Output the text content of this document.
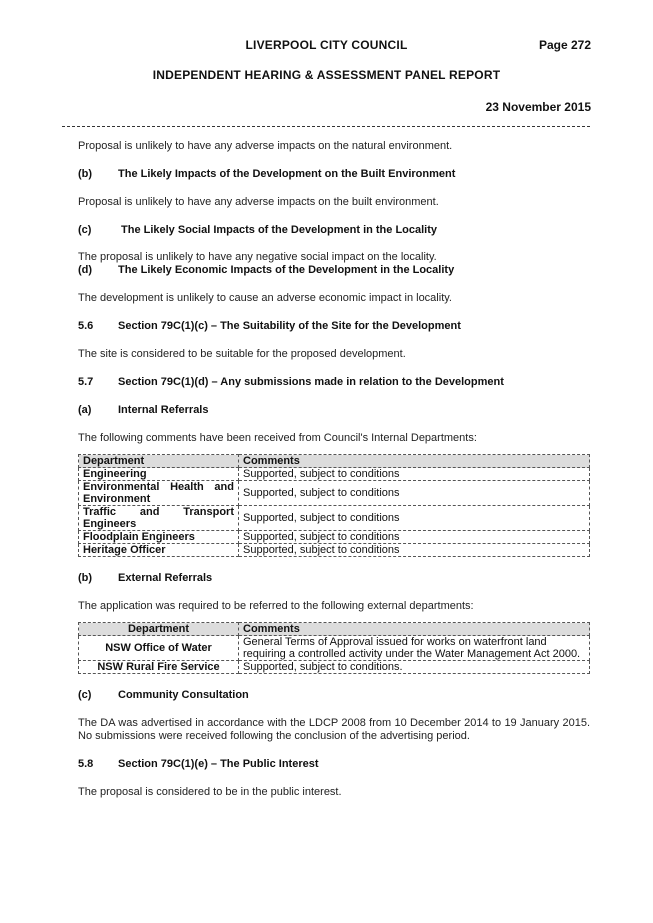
LIVERPOOL CITY COUNCIL	Page 272
INDEPENDENT HEARING & ASSESSMENT PANEL REPORT
23 November 2015

Proposal is unlikely to have any adverse impacts on the natural environment.

(b)	The Likely Impacts of the Development on the Built Environment

Proposal is unlikely to have any adverse impacts on the built environment.

(c)	The Likely Social Impacts of the Development in the Locality

The proposal is unlikely to have any negative social impact on the locality.

(d)	The Likely Economic Impacts of the Development in the Locality

The development is unlikely to cause an adverse economic impact in locality.

5.6	Section 79C(1)(c) – The Suitability of the Site for the Development

The site is considered to be suitable for the proposed development.

5.7	Section 79C(1)(d) – Any submissions made in relation to the Development
(a)	Internal Referrals

The following comments have been received from Council's Internal Departments:

Department	Comments
Engineering	Supported, subject to conditions
Environmental Health and Environment	Supported, subject to conditions
Traffic and Transport Engineers	Supported, subject to conditions
Floodplain Engineers	Supported, subject to conditions
Heritage Officer	Supported, subject to conditions
(b)	External Referrals

The application was required to be referred to the following external departments:

Department	Comments
NSW Office of Water	General Terms of Approval issued for works on waterfront land requiring a controlled activity under the Water Management Act 2000.
NSW Rural Fire Service	Supported, subject to conditions.
(c)	Community Consultation

The DA was advertised in accordance with the LDCP 2008 from 10 December 2014 to 19 January 2015. No submissions were received following the conclusion of the advertising period.

5.8	Section 79C(1)(e) – The Public Interest

The proposal is considered to be in the public interest.
